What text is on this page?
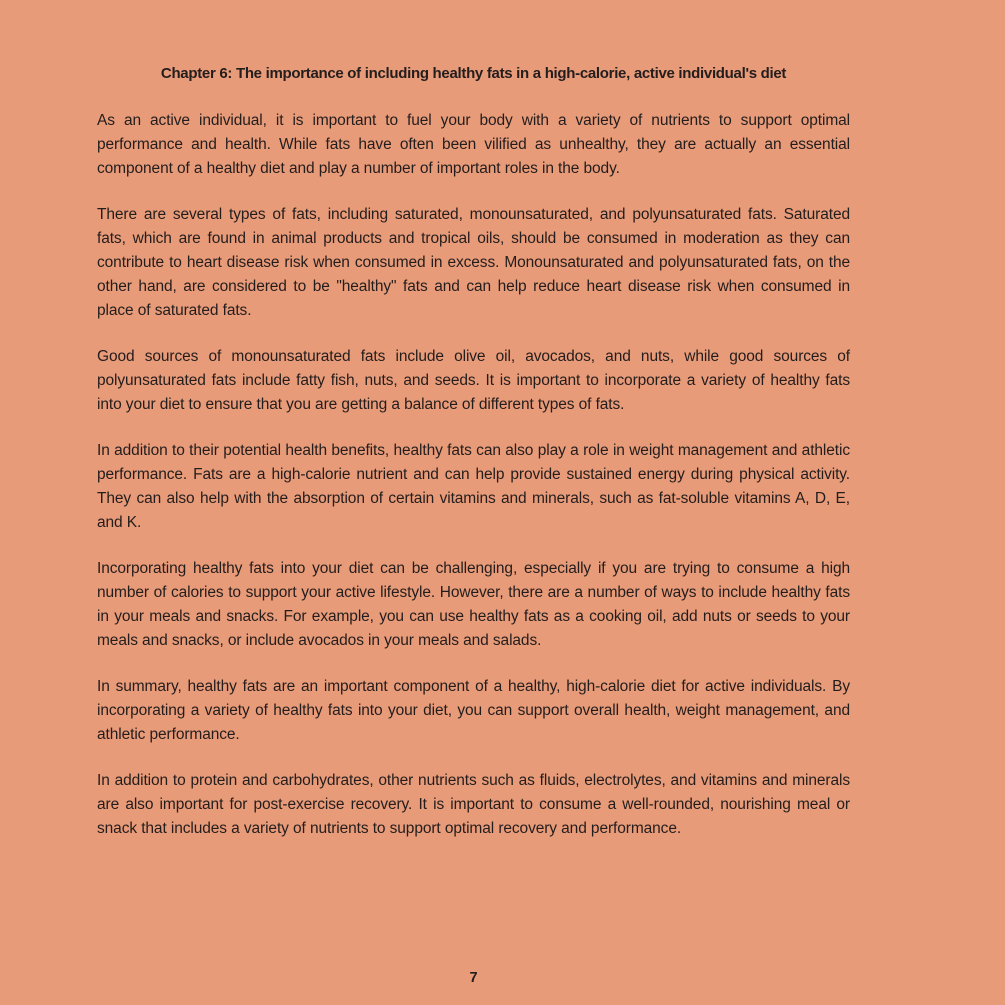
Chapter 6: The importance of including healthy fats in a high-calorie, active individual's diet

As an active individual, it is important to fuel your body with a variety of nutrients to support optimal performance and health. While fats have often been vilified as unhealthy, they are actually an essential component of a healthy diet and play a number of important roles in the body.

There are several types of fats, including saturated, monounsaturated, and polyunsaturated fats. Saturated fats, which are found in animal products and tropical oils, should be consumed in moderation as they can contribute to heart disease risk when consumed in excess. Monounsaturated and polyunsaturated fats, on the other hand, are considered to be "healthy" fats and can help reduce heart disease risk when consumed in place of saturated fats.

Good sources of monounsaturated fats include olive oil, avocados, and nuts, while good sources of polyunsaturated fats include fatty fish, nuts, and seeds. It is important to incorporate a variety of healthy fats into your diet to ensure that you are getting a balance of different types of fats.

In addition to their potential health benefits, healthy fats can also play a role in weight management and athletic performance. Fats are a high-calorie nutrient and can help provide sustained energy during physical activity. They can also help with the absorption of certain vitamins and minerals, such as fat-soluble vitamins A, D, E, and K.

Incorporating healthy fats into your diet can be challenging, especially if you are trying to consume a high number of calories to support your active lifestyle. However, there are a number of ways to include healthy fats in your meals and snacks. For example, you can use healthy fats as a cooking oil, add nuts or seeds to your meals and snacks, or include avocados in your meals and salads.

In summary, healthy fats are an important component of a healthy, high-calorie diet for active individuals. By incorporating a variety of healthy fats into your diet, you can support overall health, weight management, and athletic performance.

In addition to protein and carbohydrates, other nutrients such as fluids, electrolytes, and vitamins and minerals are also important for post-exercise recovery. It is important to consume a well-rounded, nourishing meal or snack that includes a variety of nutrients to support optimal recovery and performance.

7
